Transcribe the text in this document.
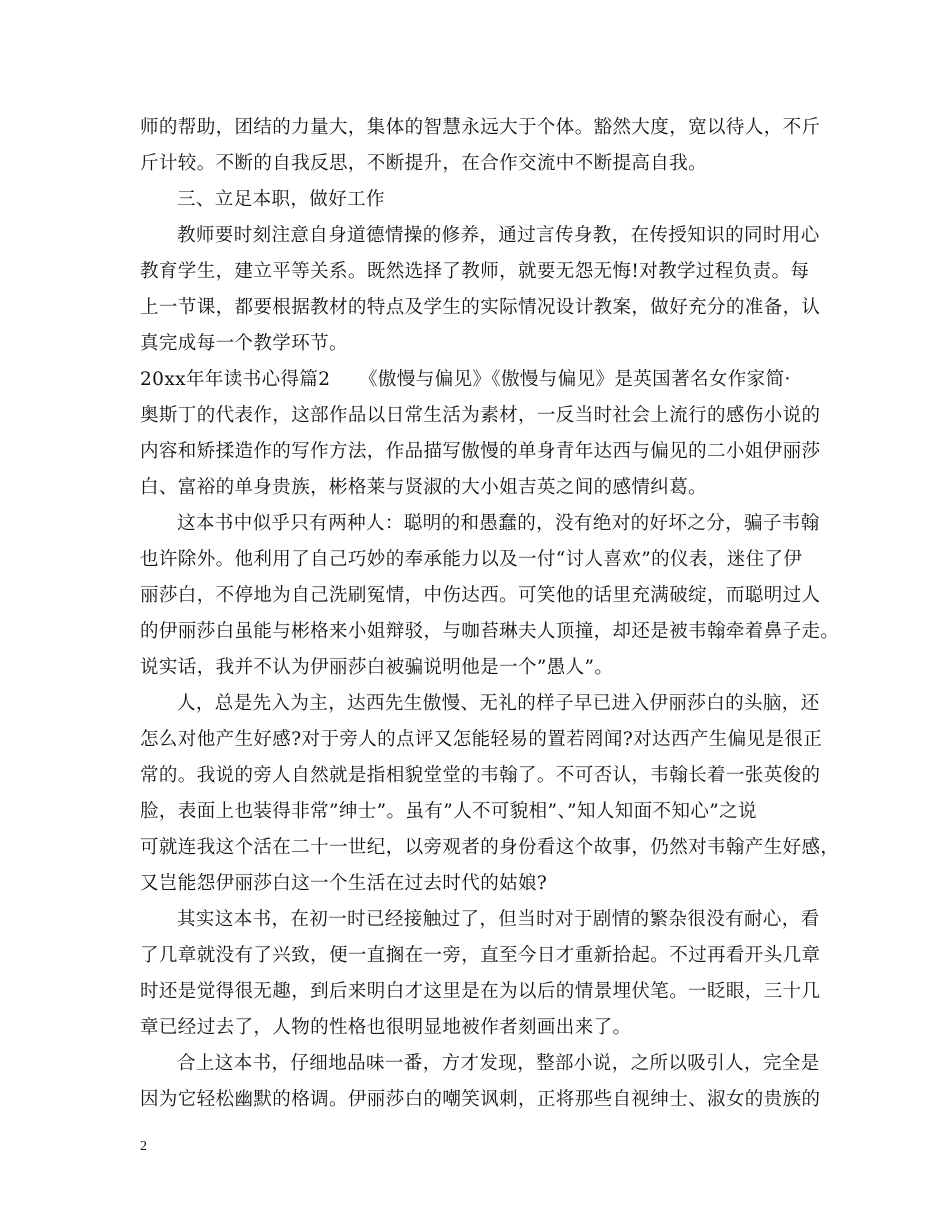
师的帮助，团结的力量大，集体的智慧永远大于个体。豁然大度，宽以待人，不斤
斤计较。不断的自我反思，不断提升，在合作交流中不断提高自我。
三、立足本职，做好工作
教师要时刻注意自身道德情操的修养，通过言传身教，在传授知识的同时用心
教育学生，建立平等关系。既然选择了教师，就要无怨无悔!对教学过程负责。每
上一节课，都要根据教材的特点及学生的实际情况设计教案，做好充分的准备，认
真完成每一个教学环节。
20xx年年读书心得篇2　　《傲慢与偏见》《傲慢与偏见》是英国著名女作家简·
奥斯丁的代表作，这部作品以日常生活为素材，一反当时社会上流行的感伤小说的
内容和矫揉造作的写作方法，作品描写傲慢的单身青年达西与偏见的二小姐伊丽莎
白、富裕的单身贵族，彬格莱与贤淑的大小姐吉英之间的感情纠葛。
这本书中似乎只有两种人：聪明的和愚蠢的，没有绝对的好坏之分，骗子韦翰
也许除外。他利用了自己巧妙的奉承能力以及一付“讨人喜欢”的仪表，迷住了伊
丽莎白，不停地为自己洗刷冤情，中伤达西。可笑他的话里充满破绽，而聪明过人
的伊丽莎白虽能与彬格来小姐辩驳，与咖苔琳夫人顶撞，却还是被韦翰牵着鼻子走。
说实话，我并不认为伊丽莎白被骗说明他是一个”愚人”。
人，总是先入为主，达西先生傲慢、无礼的样子早已进入伊丽莎白的头脑，还
怎么对他产生好感?对于旁人的点评又怎能轻易的置若罔闻?对达西产生偏见是很正
常的。我说的旁人自然就是指相貌堂堂的韦翰了。不可否认，韦翰长着一张英俊的
脸，表面上也装得非常”绅士”。虽有”人不可貌相”、”知人知面不知心”之说
可就连我这个活在二十一世纪，以旁观者的身份看这个故事，仍然对韦翰产生好感，
又岂能怨伊丽莎白这一个生活在过去时代的姑娘?
其实这本书，在初一时已经接触过了，但当时对于剧情的繁杂很没有耐心，看
了几章就没有了兴致，便一直搁在一旁，直至今日才重新拾起。不过再看开头几章
时还是觉得很无趣，到后来明白才这里是在为以后的情景埋伏笔。一眨眼，三十几
章已经过去了，人物的性格也很明显地被作者刻画出来了。
合上这本书，仔细地品味一番，方才发现，整部小说，之所以吸引人，完全是
因为它轻松幽默的格调。伊丽莎白的嘲笑讽刺，正将那些自视绅士、淑女的贵族的
2
